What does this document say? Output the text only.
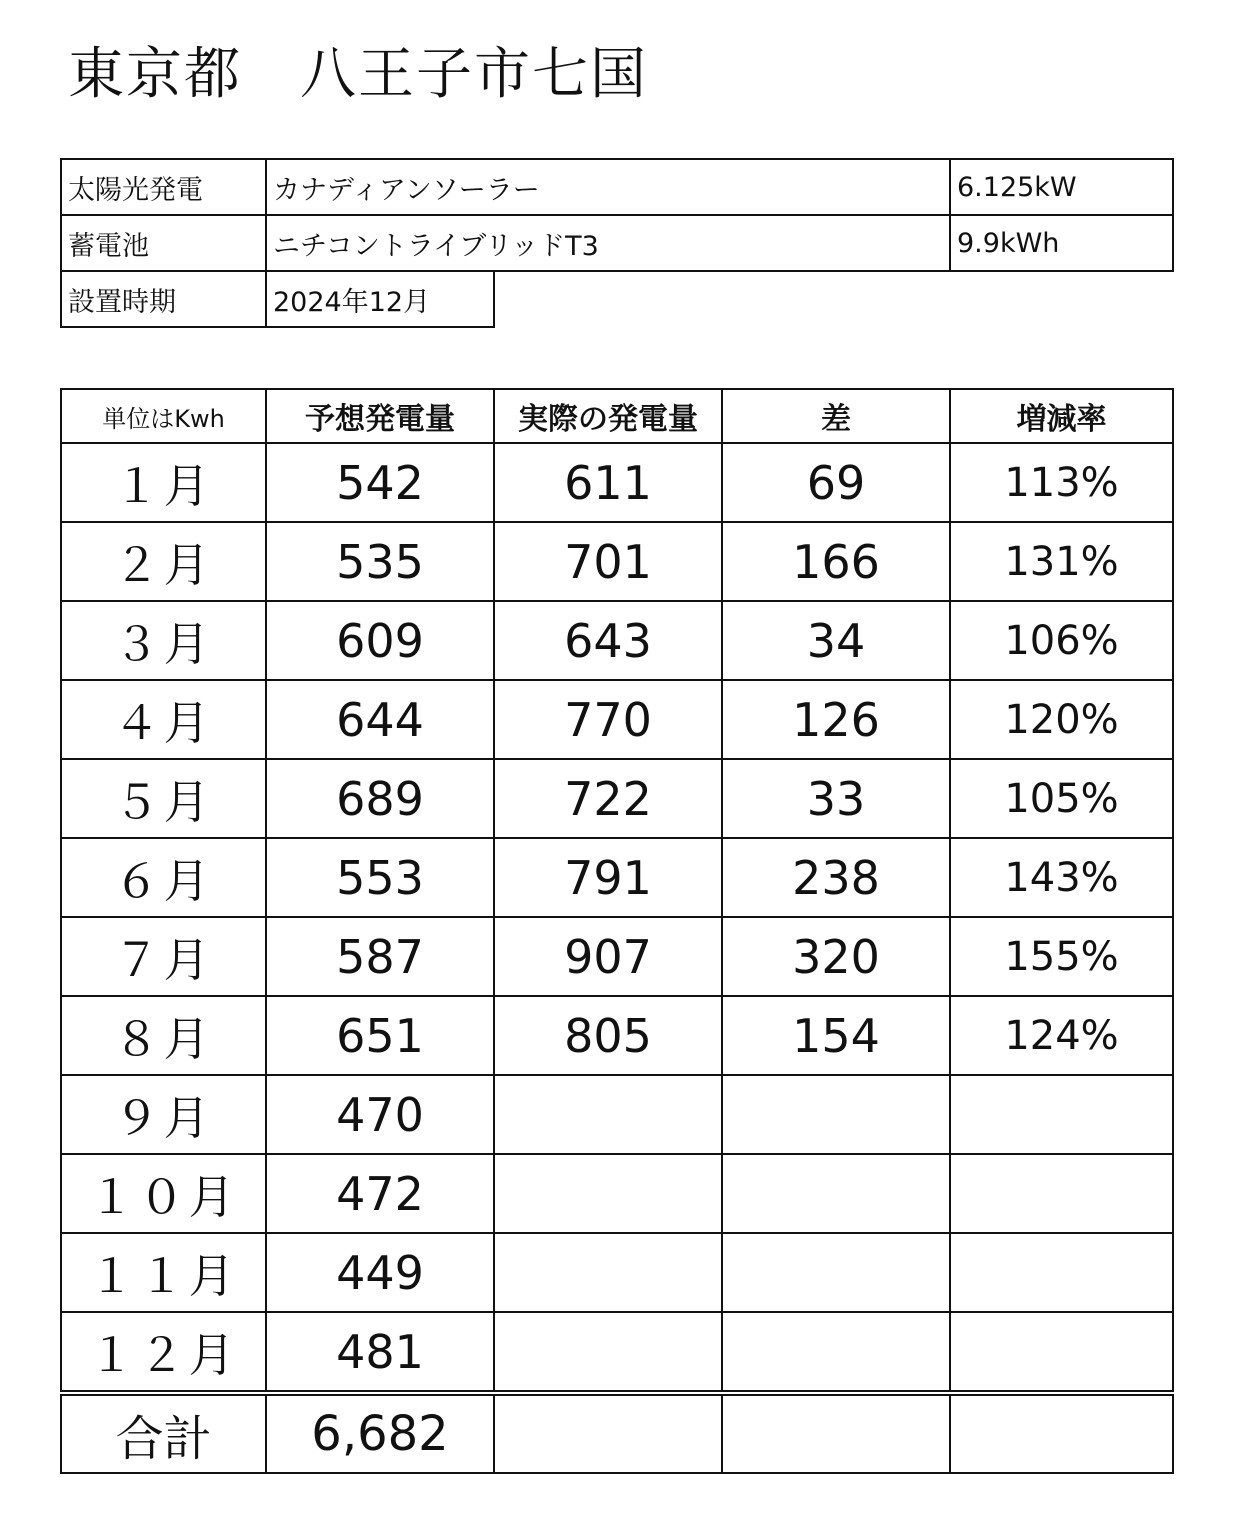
東京都　八王子市七国
太陽光発電	カナディアンソーラー		6.125kW
蓄電池	ニチコントライブリッドT3		9.9kWh
設置時期	2024年12月		
単位はKwh	予想発電量	実際の発電量	差	増減率
１月	542	611	69	113%
２月	535	701	166	131%
３月	609	643	34	106%
４月	644	770	126	120%
５月	689	722	33	105%
６月	553	791	238	143%
７月	587	907	320	155%
８月	651	805	154	124%
９月	470			
１０月	472			
１１月	449			
１２月	481			
合計	6,682			
